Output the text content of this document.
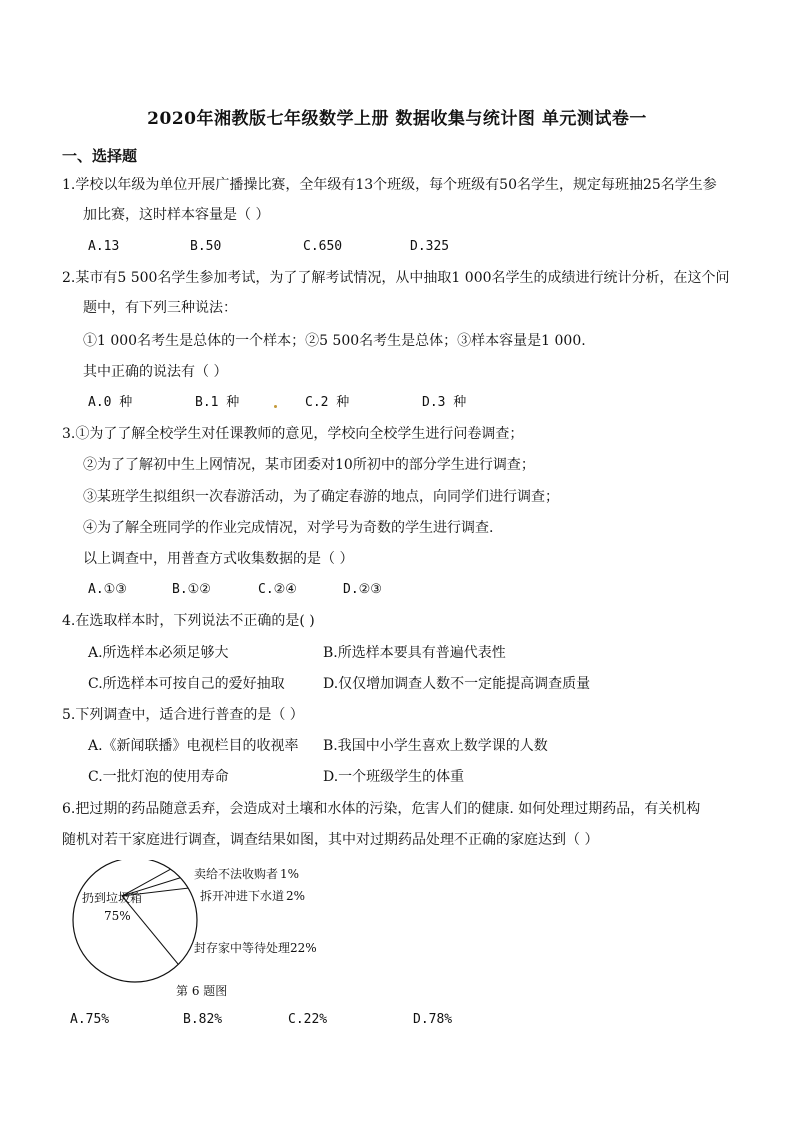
2020年湘教版七年级数学上册 数据收集与统计图 单元测试卷一
一、选择题
1.学校以年级为单位开展广播操比赛，全年级有13个班级，每个班级有50名学生，规定每班抽25名学生参
加比赛，这时样本容量是（ ）
A.13	B.50	C.650	D.325
2.某市有5 500名学生参加考试，为了了解考试情况，从中抽取1 000名学生的成绩进行统计分析，在这个问
题中，有下列三种说法：
①1 000名考生是总体的一个样本；②5 500名考生是总体；③样本容量是1 000.
其中正确的说法有（ ）
A.0 种	B.1 种	C.2 种	D.3 种
3.①为了了解全校学生对任课教师的意见，学校向全校学生进行问卷调查；
②为了了解初中生上网情况，某市团委对10所初中的部分学生进行调查；
③某班学生拟组织一次春游活动，为了确定春游的地点，向同学们进行调查；
④为了解全班同学的作业完成情况，对学号为奇数的学生进行调查.
以上调查中，用普查方式收集数据的是（ ）
A.①③	B.①②	C.②④	D.②③
4.在选取样本时，下列说法不正确的是( )
A.所选样本必须足够大	B.所选样本要具有普遍代表性
C.所选样本可按自己的爱好抽取	D.仅仅增加调查人数不一定能提高调查质量
5.下列调查中，适合进行普查的是（ ）
A.《新闻联播》电视栏目的收视率 B.我国中小学生喜欢上数学课的人数
C.一批灯泡的使用寿命	D.一个班级学生的体重
6.把过期的药品随意丢弃，会造成对土壤和水体的污染，危害人们的健康. 如何处理过期药品，有关机构
随机对若干家庭进行调查，调查结果如图，其中对过期药品处理不正确的家庭达到（ ）
扔到垃圾箱
75%
卖给不法收购者 1%
拆开冲进下水道 2%
封存家中等待处理 22%
第 6 题图
A.75%	B.82%	C.22%	D.78%
